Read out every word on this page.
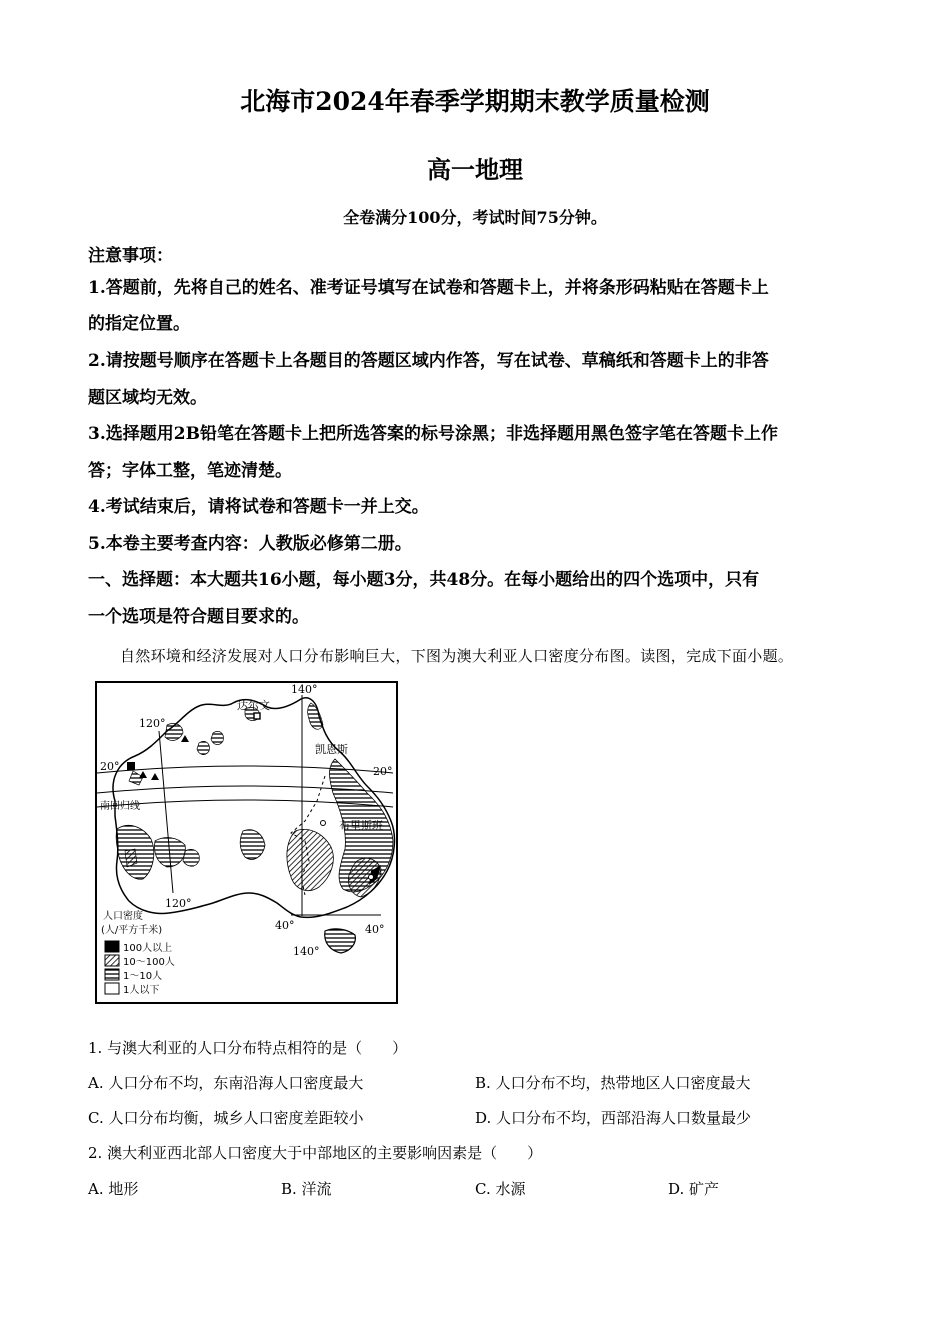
北海市2024年春季学期期末教学质量检测
高一地理
全卷满分100分，考试时间75分钟。
注意事项：
1.答题前，先将自己的姓名、准考证号填写在试卷和答题卡上，并将条形码粘贴在答题卡上
的指定位置。
2.请按题号顺序在答题卡上各题目的答题区域内作答，写在试卷、草稿纸和答题卡上的非答
题区域均无效。
3.选择题用2B铅笔在答题卡上把所选答案的标号涂黑；非选择题用黑色签字笔在答题卡上作
答；字体工整，笔迹清楚。
4.考试结束后，请将试卷和答题卡一并上交。
5.本卷主要考查内容：人教版必修第二册。
一、选择题：本大题共16小题，每小题3分，共48分。在每小题给出的四个选项中，只有
一个选项是符合题目要求的。
自然环境和经济发展对人口分布影响巨大，下图为澳大利亚人口密度分布图。读图，完成下面小题。
达尔文
凯恩斯
布里斯班
南回归线
140°
120°
120°
140°
20°	20°
40°	40°
人口密度
(人/平方千米)
100人以上
10～100人
1～10人
1人以下
1. 与澳大利亚的人口分布特点相符的是（　　）
A. 人口分布不均，东南沿海人口密度最大	B. 人口分布不均，热带地区人口密度最大
C. 人口分布均衡，城乡人口密度差距较小	D. 人口分布不均，西部沿海人口数量最少
2. 澳大利亚西北部人口密度大于中部地区的主要影响因素是（　　）
A. 地形	B. 洋流	C. 水源	D. 矿产
